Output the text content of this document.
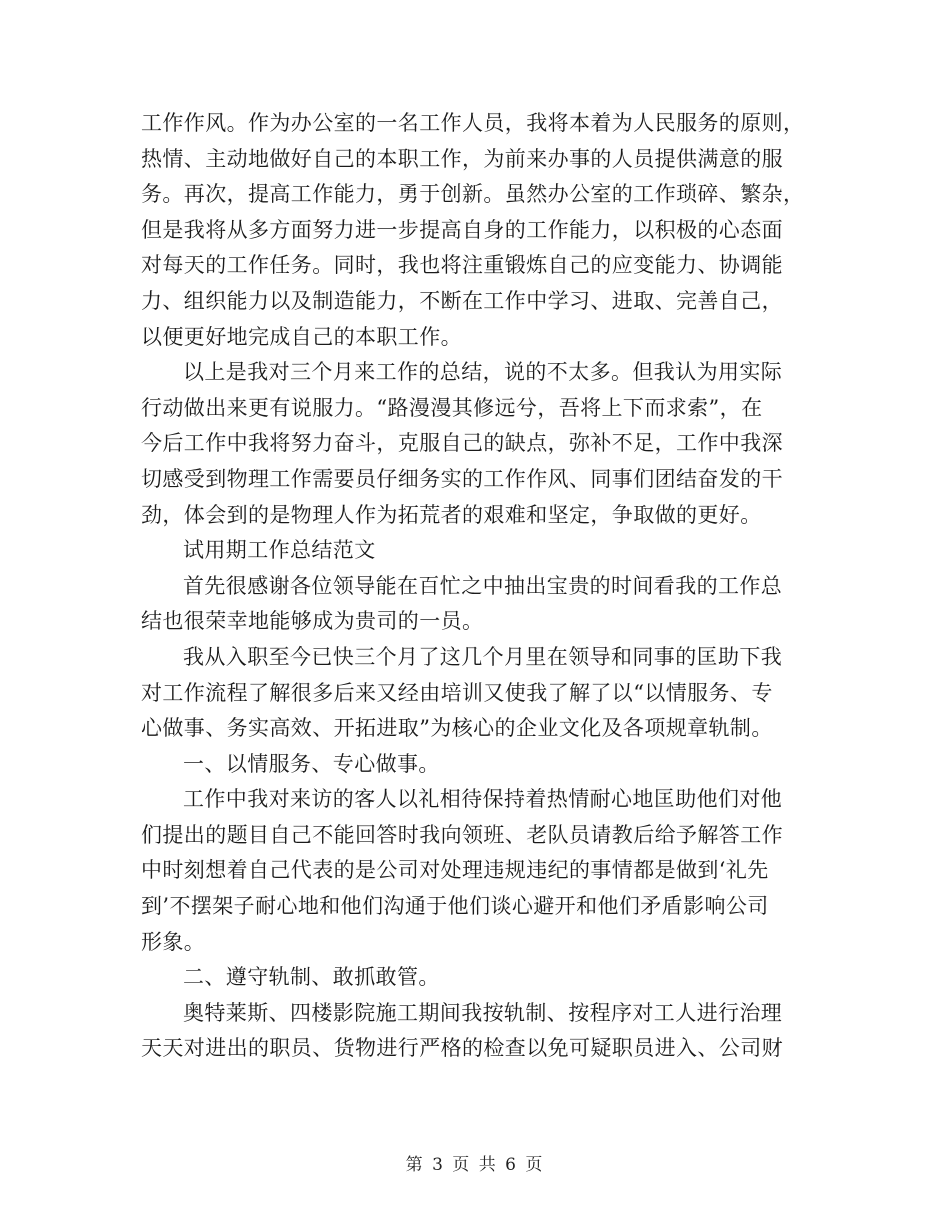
工作作风。作为办公室的一名工作人员，我将本着为人民服务的原则，
热情、主动地做好自己的本职工作，为前来办事的人员提供满意的服
务。再次，提高工作能力，勇于创新。虽然办公室的工作琐碎、繁杂，
但是我将从多方面努力进一步提高自身的工作能力，以积极的心态面
对每天的工作任务。同时，我也将注重锻炼自己的应变能力、协调能
力、组织能力以及制造能力，不断在工作中学习、进取、完善自己，
以便更好地完成自己的本职工作。
以上是我对三个月来工作的总结，说的不太多。但我认为用实际
行动做出来更有说服力。“路漫漫其修远兮，吾将上下而求索”，在
今后工作中我将努力奋斗，克服自己的缺点，弥补不足，工作中我深
切感受到物理工作需要员仔细务实的工作作风、同事们团结奋发的干
劲，体会到的是物理人作为拓荒者的艰难和坚定，争取做的更好。
试用期工作总结范文
首先很感谢各位领导能在百忙之中抽出宝贵的时间看我的工作总
结也很荣幸地能够成为贵司的一员。
我从入职至今已快三个月了这几个月里在领导和同事的匡助下我
对工作流程了解很多后来又经由培训又使我了解了以“以情服务、专
心做事、务实高效、开拓进取”为核心的企业文化及各项规章轨制。
一、以情服务、专心做事。
工作中我对来访的客人以礼相待保持着热情耐心地匡助他们对他
们提出的题目自己不能回答时我向领班、老队员请教后给予解答工作
中时刻想着自己代表的是公司对处理违规违纪的事情都是做到‘礼先
到’不摆架子耐心地和他们沟通于他们谈心避开和他们矛盾影响公司
形象。
二、遵守轨制、敢抓敢管。
奥特莱斯、四楼影院施工期间我按轨制、按程序对工人进行治理
天天对进出的职员、货物进行严格的检查以免可疑职员进入、公司财
第 3 页 共 6 页
